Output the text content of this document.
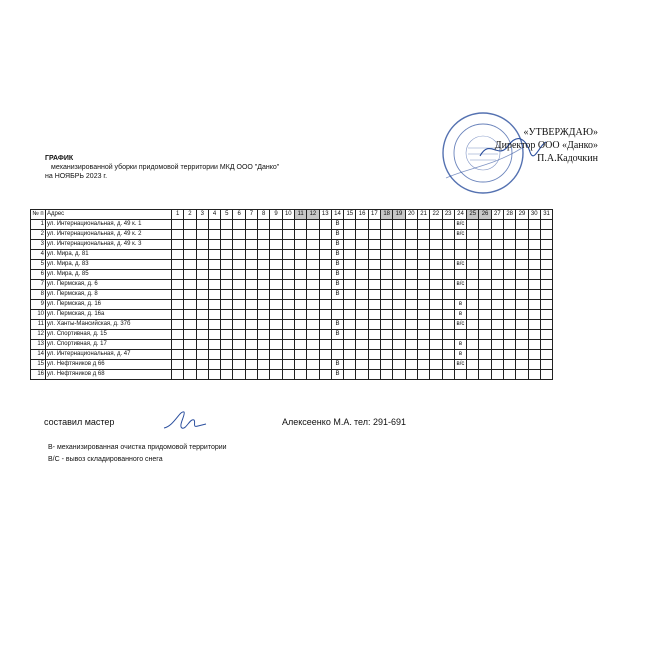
«УТВЕРЖДАЮ»
Директор ООО «Данко»
П.А.Кадочкин
ГРАФИК
механизированной уборки придомовой территории МКД ООО "Данко"
на НОЯБРЬ 2023 г.
№ п	Адрес	1	2	3	4	5	6	7	8	9	10	11	12	13	14	15	16	17	18	19	20	21	22	23	24	25	26	27	28	29	30	31
1	ул. Интернациональная, д. 49 к. 1														В										в/с							
2	ул. Интернациональная, д. 49 к. 2														В										в/с							
3	ул. Интернациональная, д. 49 к. 3														В																	
4	ул. Мира, д. 81														В																	
5	ул. Мира, д. 83														В										в/с							
6	ул. Мира, д. 85														В																	
7	ул. Пермская, д. 6														В										в/с							
8	ул. Пермская, д. 8														В																	
9	ул. Пермская, д. 16																								в							
10	ул. Пермская, д. 16а																								в							
11	ул. Ханты-Мансийская, д. 37б														В										в/с							
12	ул. Спортивная, д. 15														В																	
13	ул. Спортивная, д. 17																								в							
14	ул. Интернациональная, д. 47																								в							
15	ул. Нефтяников д 66														В										в/с							
16	ул. Нефтяников д 68														В																	
составил мастер	Алексеенко М.А. тел: 291-691
В- механизированная очистка придомовой территории
В/С - вывоз складированного снега
